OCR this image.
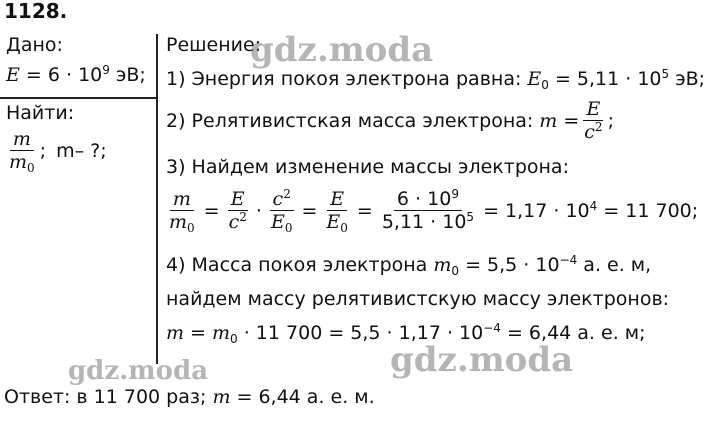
1128.
Дано:
$E = 6 \cdot 10^9$ эВ;
Найти:
$\frac{m}{m_0}$ ; m– ?;
Решение:
1) Энергия покоя электрона равна: $E_0 = 5,11 \cdot 10^5$ эВ;
2) Релятивистская масса электрона: $m = \frac{E}{c^2}$ ;
3) Найдем изменение массы электрона:
$\frac{m}{m_0} = \frac{E}{c^2} \cdot \frac{c^2}{E_0} = \frac{E}{E_0} = \frac{6 \cdot 10^9}{5,11 \cdot 10^5} = 1,17 \cdot 10^4 = 11$ 700;
4) Масса покоя электрона $m_0 = 5,5 \cdot 10^{-4}$ а. е. м,
найдем массу релятивистскую массу электронов:
$m = m_0 \cdot 11$ $700 = 5,5 \cdot 1,17 \cdot 10^{-4} = 6,44$ а. е. м;
Ответ: в 11 700 раз; m = 6,44 а. е. м.
gdz.moda
gdz.moda	gdz.moda
